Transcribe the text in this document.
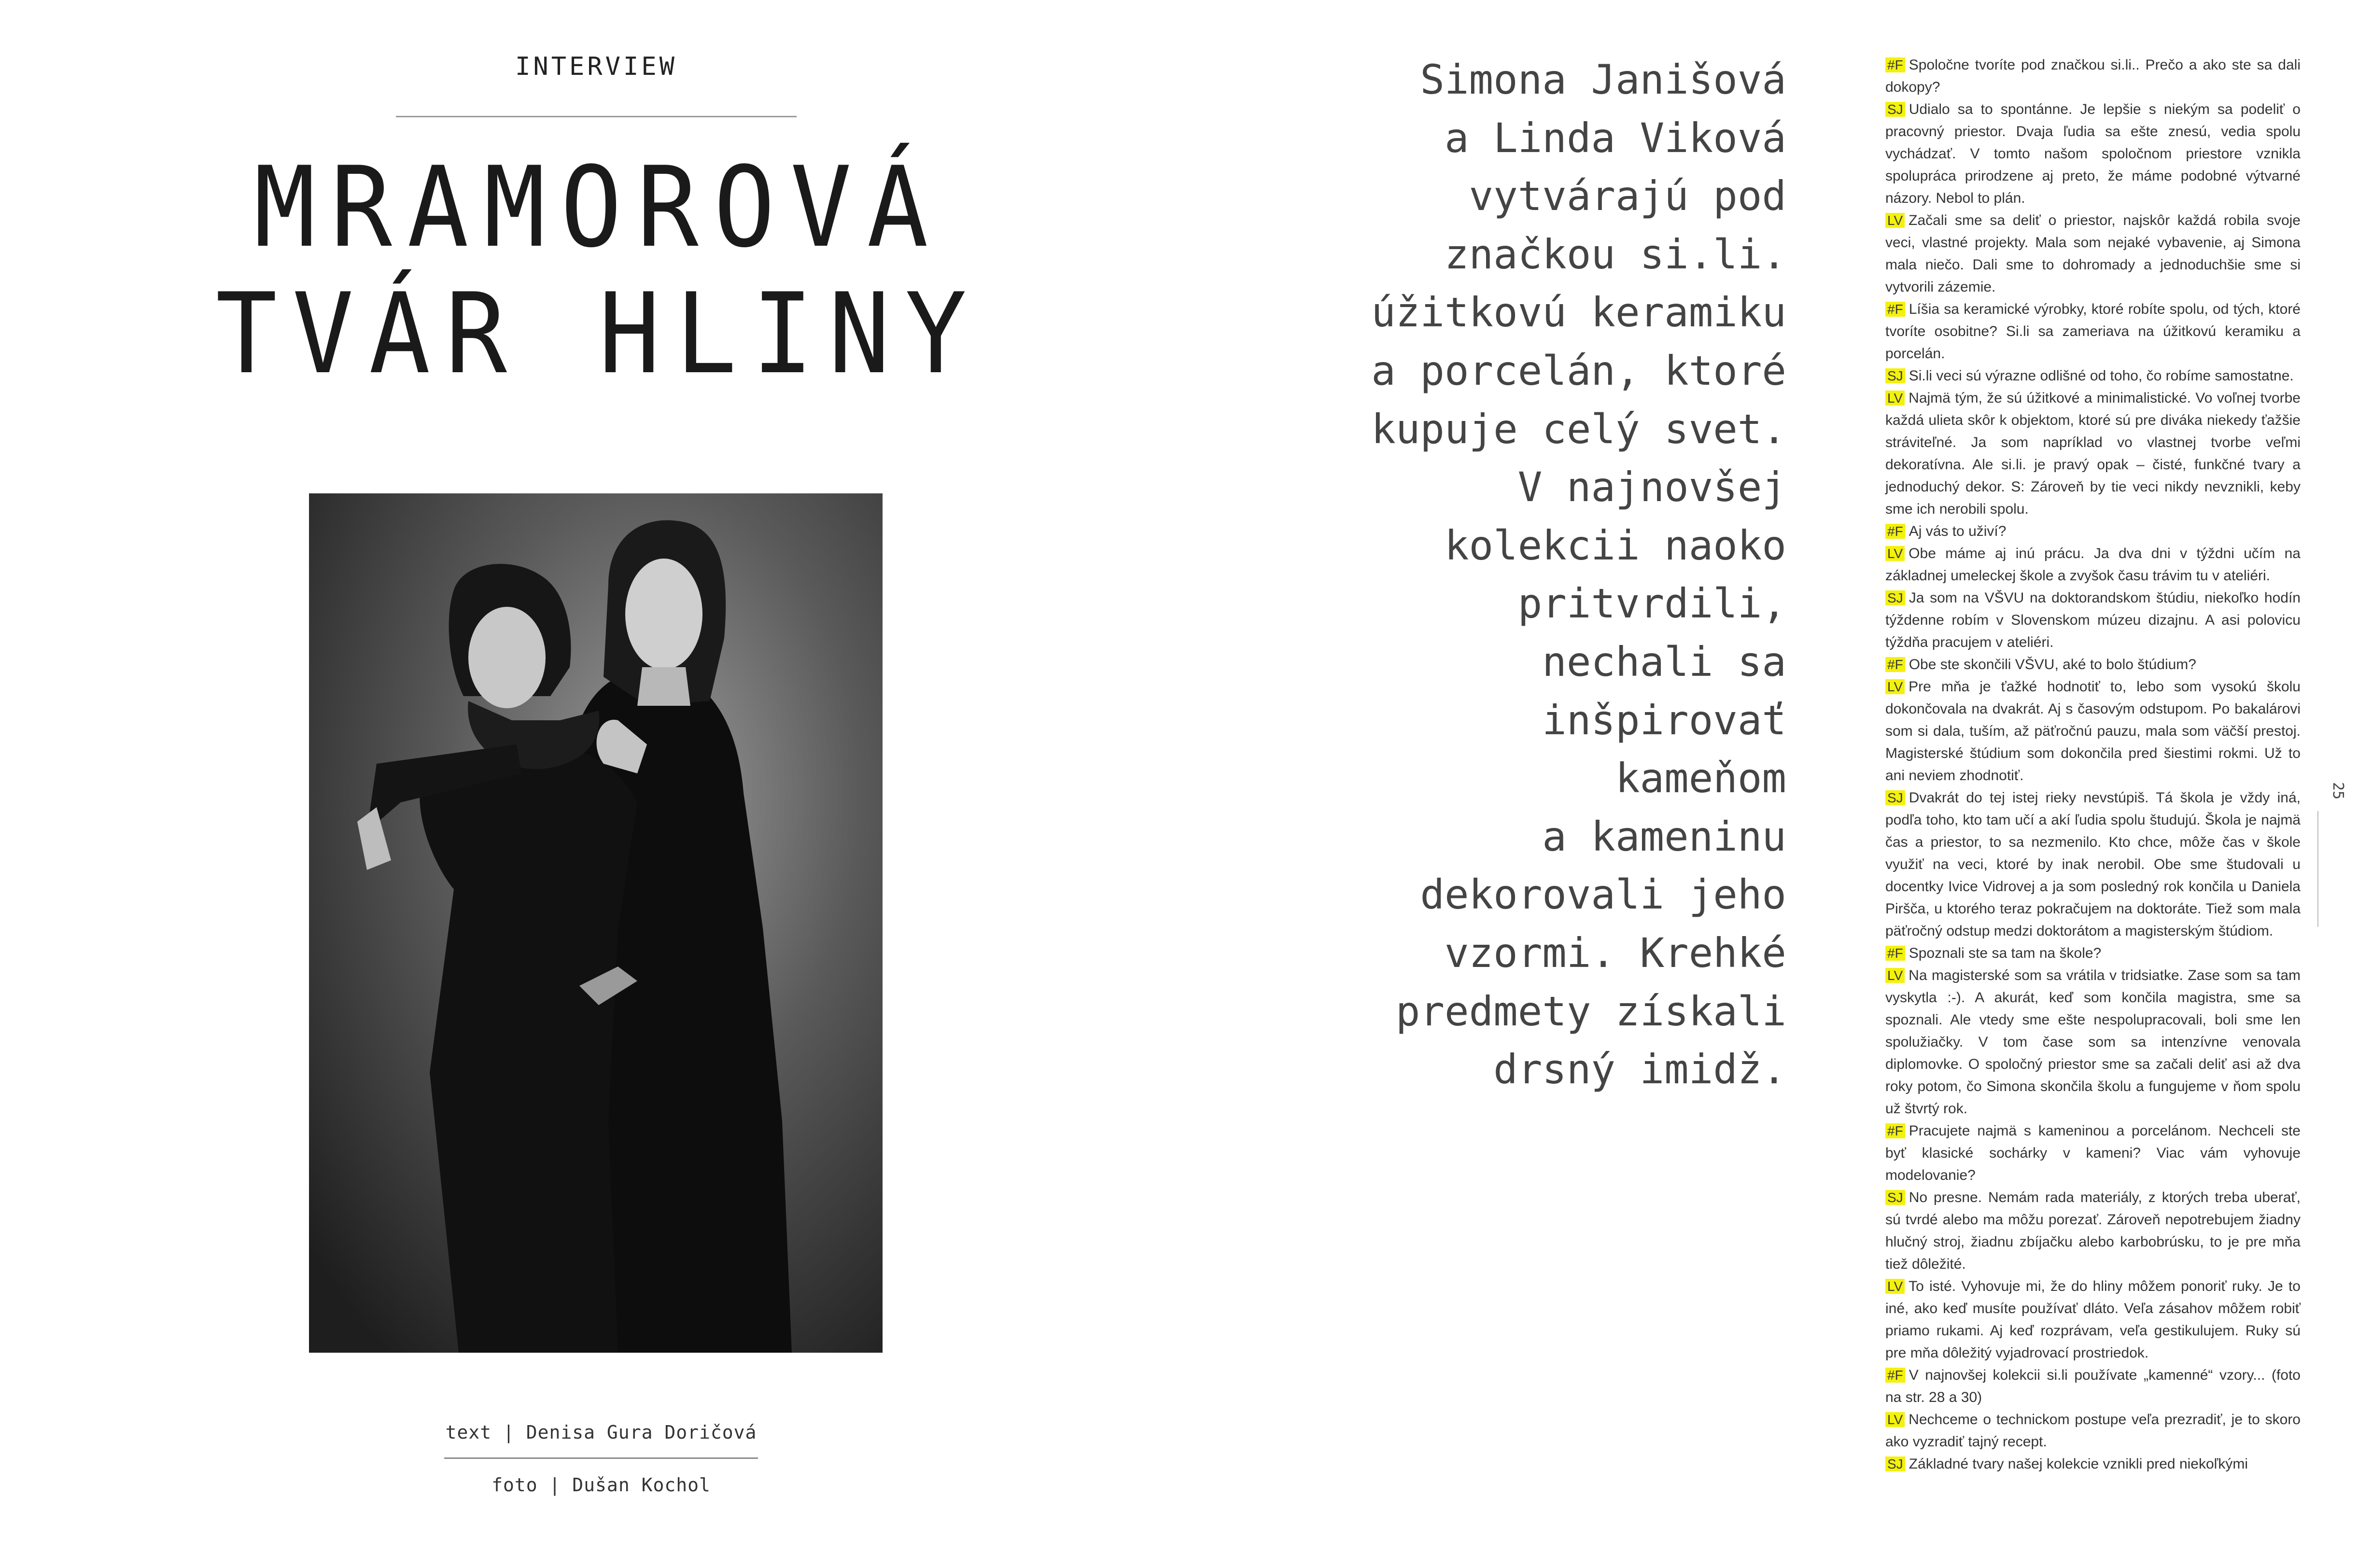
INTERVIEW
MRAMOROVÁ
TVÁR HLINY
text | Denisa Gura Doričová
foto | Dušan Kochol
Simona Janišová
a Linda Viková
vytvárajú pod
značkou si.li.
úžitkovú keramiku
a porcelán, ktoré
kupuje celý svet.
V najnovšej
kolekcii naoko
pritvrdili,
nechali sa
inšpirovať
kameňom
a kameninu
dekorovali jeho
vzormi. Krehké
predmety získali
drsný imidž.

#F Spoločne tvoríte pod značkou si.li.. Prečo a ako ste sa dali dokopy?

SJ Udialo sa to spontánne. Je lepšie s niekým sa podeliť o pracovný priestor. Dvaja ľudia sa ešte znesú, vedia spolu vychádzať. V tomto našom spoločnom priestore vznikla spolupráca prirodzene aj preto, že máme podobné výtvarné názory. Nebol to plán.

LV Začali sme sa deliť o priestor, najskôr každá robila svoje veci, vlastné projekty. Mala som nejaké vybavenie, aj Simona mala niečo. Dali sme to dohromady a jednoduchšie sme si vytvorili zázemie.

#F Líšia sa keramické výrobky, ktoré robíte spolu, od tých, ktoré tvoríte osobitne? Si.li sa zameriava na úžitkovú keramiku a porcelán.

SJ Si.li veci sú výrazne odlišné od toho, čo robíme samostatne.

LV Najmä tým, že sú úžitkové a minimalistické. Vo voľnej tvorbe každá ulieta skôr k objektom, ktoré sú pre diváka niekedy ťažšie stráviteľné. Ja som napríklad vo vlastnej tvorbe veľmi dekoratívna. Ale si.li. je pravý opak – čisté, funkčné tvary a jednoduchý dekor. S: Zároveň by tie veci nikdy nevznikli, keby sme ich nerobili spolu.

#F Aj vás to uživí?

LV Obe máme aj inú prácu. Ja dva dni v týždni učím na základnej umeleckej škole a zvyšok času trávim tu v ateliéri.

SJ Ja som na VŠVU na doktorandskom štúdiu, niekoľko hodín týždenne robím v Slovenskom múzeu dizajnu. A asi polovicu týždňa pracujem v ateliéri.

#F Obe ste skončili VŠVU, aké to bolo štúdium?

LV Pre mňa je ťažké hodnotiť to, lebo som vysokú školu dokončovala na dvakrát. Aj s časovým odstupom. Po bakalárovi som si dala, tuším, až päťročnú pauzu, mala som väčší prestoj. Magisterské štúdium som dokončila pred šiestimi rokmi. Už to ani neviem zhodnotiť.

SJ Dvakrát do tej istej rieky nevstúpiš. Tá škola je vždy iná, podľa toho, kto tam učí a akí ľudia spolu študujú. Škola je najmä čas a priestor, to sa nezmenilo. Kto chce, môže čas v škole využiť na veci, ktoré by inak nerobil. Obe sme študovali u docentky Ivice Vidrovej a ja som posledný rok končila u Daniela Piršča, u ktorého teraz pokračujem na doktoráte. Tiež som mala päťročný odstup medzi doktorátom a magisterským štúdiom.

#F Spoznali ste sa tam na škole?

LV Na magisterské som sa vrátila v tridsiatke. Zase som sa tam vyskytla :-). A akurát, keď som končila magistra, sme sa spoznali. Ale vtedy sme ešte nespolupracovali, boli sme len spolužiačky. V tom čase som sa intenzívne venovala diplomovke. O spoločný priestor sme sa začali deliť asi až dva roky potom, čo Simona skončila školu a fungujeme v ňom spolu už štvrtý rok.

#F Pracujete najmä s kameninou a porcelánom. Nechceli ste byť klasické sochárky v kameni? Viac vám vyhovuje modelovanie?

SJ No presne. Nemám rada materiály, z ktorých treba uberať, sú tvrdé alebo ma môžu porezať. Zároveň nepotrebujem žiadny hlučný stroj, žiadnu zbíjačku alebo karbobrúsku, to je pre mňa tiež dôležité.

LV To isté. Vyhovuje mi, že do hliny môžem ponoriť ruky. Je to iné, ako keď musíte používať dláto. Veľa zásahov môžem robiť priamo rukami. Aj keď rozprávam, veľa gestikulujem. Ruky sú pre mňa dôležitý vyjadrovací prostriedok.

#F V najnovšej kolekcii si.li používate „kamenné“ vzory... (foto na str. 28 a 30)

LV Nechceme o technickom postupe veľa prezradiť, je to skoro ako vyzradiť tajný recept.

SJ Základné tvary našej kolekcie vznikli pred niekoľkými

25
